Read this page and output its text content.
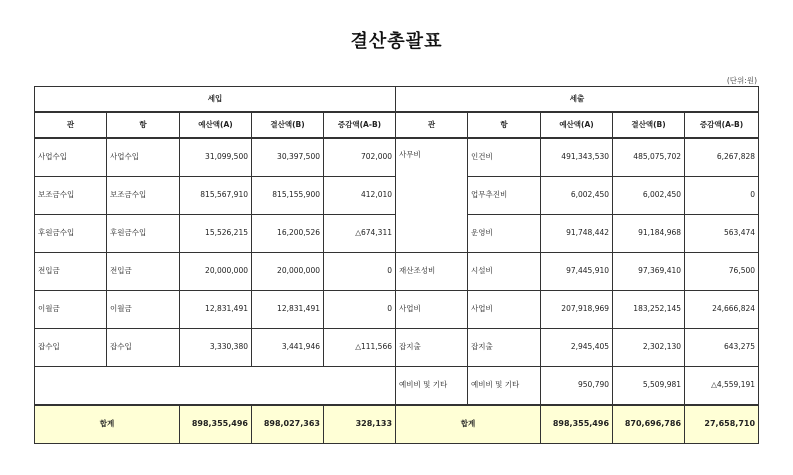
결산총괄표
(단위:원)
세입					세출				
관	항	예산액(A)	결산액(B)	증감액(A-B)	관	항	예산액(A)	결산액(B)	증감액(A-B)
사업수입	사업수입	31,099,500	30,397,500	702,000	사무비	인건비	491,343,530	485,075,702	6,267,828
보조금수입	보조금수입	815,567,910	815,155,900	412,010		업무추진비	6,002,450	6,002,450	0
후원금수입	후원금수입	15,526,215	16,200,526	△674,311		운영비	91,748,442	91,184,968	563,474
전입금	전입금	20,000,000	20,000,000	0	재산조성비	시설비	97,445,910	97,369,410	76,500
이월금	이월금	12,831,491	12,831,491	0	사업비	사업비	207,918,969	183,252,145	24,666,824
잡수입	잡수입	3,330,380	3,441,946	△111,566	잡지출	잡지출	2,945,405	2,302,130	643,275
					예비비 및 기타	예비비 및 기타	950,790	5,509,981	△4,559,191
합계		898,355,496	898,027,363	328,133	합계		898,355,496	870,696,786	27,658,710
